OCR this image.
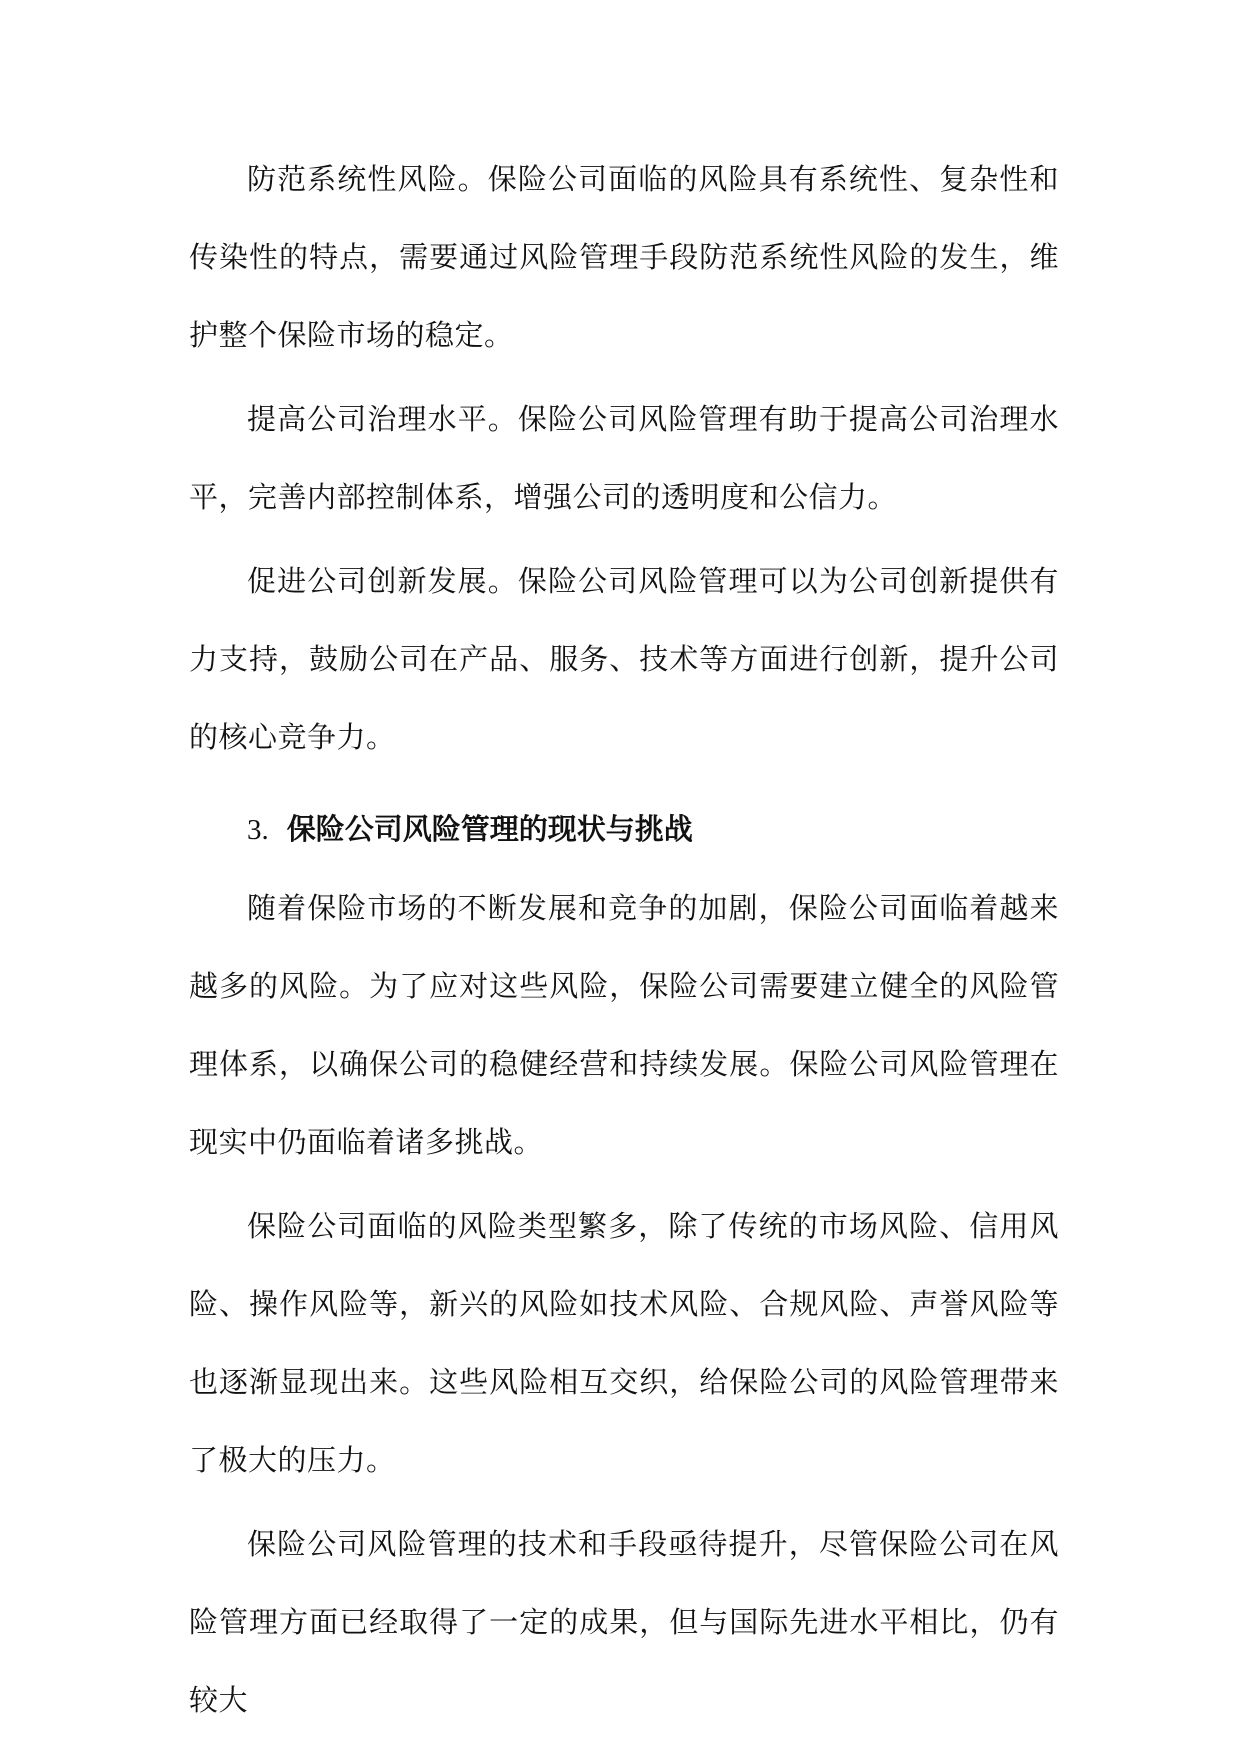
防范系统性风险。保险公司面临的风险具有系统性、复杂性和传染性的特点，需要通过风险管理手段防范系统性风险的发生，维护整个保险市场的稳定。

提高公司治理水平。保险公司风险管理有助于提高公司治理水平，完善内部控制体系，增强公司的透明度和公信力。

促进公司创新发展。保险公司风险管理可以为公司创新提供有力支持，鼓励公司在产品、服务、技术等方面进行创新，提升公司的核心竞争力。

3. 保险公司风险管理的现状与挑战

随着保险市场的不断发展和竞争的加剧，保险公司面临着越来越多的风险。为了应对这些风险，保险公司需要建立健全的风险管理体系，以确保公司的稳健经营和持续发展。保险公司风险管理在现实中仍面临着诸多挑战。

保险公司面临的风险类型繁多，除了传统的市场风险、信用风险、操作风险等，新兴的风险如技术风险、合规风险、声誉风险等也逐渐显现出来。这些风险相互交织，给保险公司的风险管理带来了极大的压力。

保险公司风险管理的技术和手段亟待提升，尽管保险公司在风险管理方面已经取得了一定的成果，但与国际先进水平相比，仍有较大
